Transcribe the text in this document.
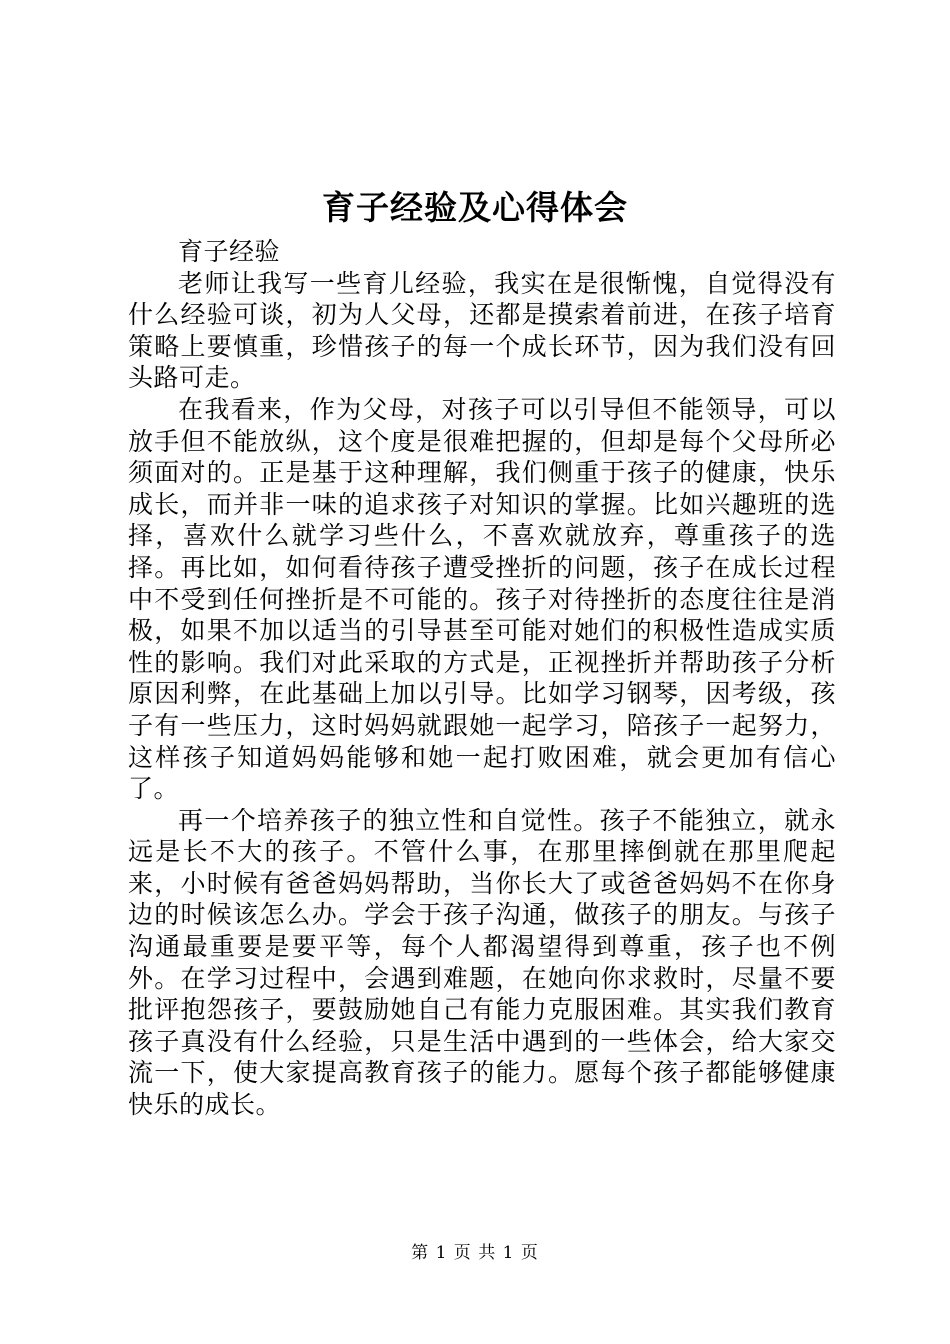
育子经验及心得体会

育子经验

老师让我写一些育儿经验，我实在是很惭愧，自觉得没有什么经验可谈，初为人父母，还都是摸索着前进，在孩子培育策略上要慎重，珍惜孩子的每一个成长环节，因为我们没有回头路可走。

在我看来，作为父母，对孩子可以引导但不能领导，可以放手但不能放纵，这个度是很难把握的，但却是每个父母所必须面对的。正是基于这种理解，我们侧重于孩子的健康，快乐成长，而并非一味的追求孩子对知识的掌握。比如兴趣班的选择，喜欢什么就学习些什么，不喜欢就放弃，尊重孩子的选择。再比如，如何看待孩子遭受挫折的问题，孩子在成长过程中不受到任何挫折是不可能的。孩子对待挫折的态度往往是消极，如果不加以适当的引导甚至可能对她们的积极性造成实质性的影响。我们对此采取的方式是，正视挫折并帮助孩子分析原因利弊，在此基础上加以引导。比如学习钢琴，因考级，孩子有一些压力，这时妈妈就跟她一起学习，陪孩子一起努力，这样孩子知道妈妈能够和她一起打败困难，就会更加有信心了。

再一个培养孩子的独立性和自觉性。孩子不能独立，就永远是长不大的孩子。不管什么事，在那里摔倒就在那里爬起来，小时候有爸爸妈妈帮助，当你长大了或爸爸妈妈不在你身边的时候该怎么办。学会于孩子沟通，做孩子的朋友。与孩子沟通最重要是要平等，每个人都渴望得到尊重，孩子也不例外。在学习过程中，会遇到难题，在她向你求救时，尽量不要批评抱怨孩子，要鼓励她自己有能力克服困难。其实我们教育孩子真没有什么经验，只是生活中遇到的一些体会，给大家交流一下，使大家提高教育孩子的能力。愿每个孩子都能够健康快乐的成长。

第 1 页 共 1 页
